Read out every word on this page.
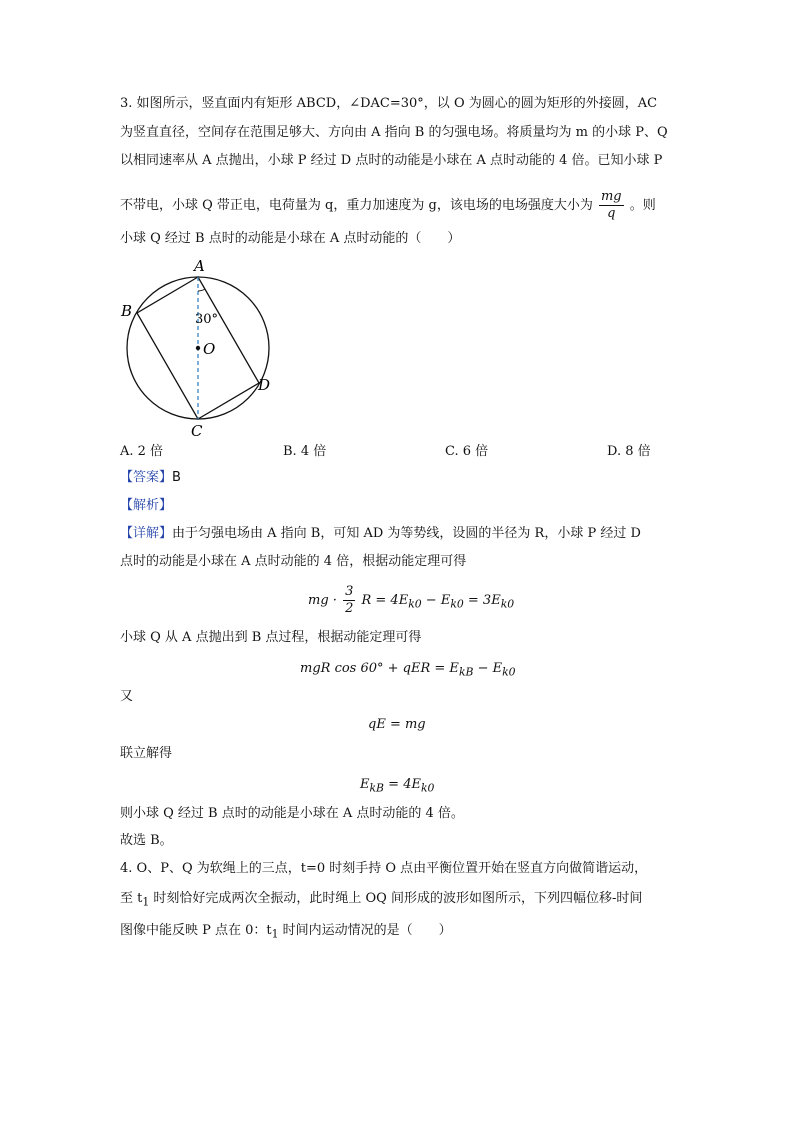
3. 如图所示，竖直面内有矩形 ABCD，∠DAC=30°，以 O 为圆心的圆为矩形的外接圆，AC
为竖直直径，空间存在范围足够大、方向由 A 指向 B 的匀强电场。将质量均为 m 的小球 P、Q
以相同速率从 A 点抛出，小球 P 经过 D 点时的动能是小球在 A 点时动能的 4 倍。已知小球 P
不带电，小球 Q 带正电，电荷量为 q，重力加速度为 g，该电场的电场强度大小为 $\frac{mg}{q}$ 。则
小球 Q 经过 B 点时的动能是小球在 A 点时动能的（　　）
A
B
C
D
O
30°
A. 2 倍	B. 4 倍	C. 6 倍	D. 8 倍
【答案】B
【解析】
【详解】由于匀强电场由 A 指向 B，可知 AD 为等势线，设圆的半径为 R，小球 P 经过 D
点时的动能是小球在 A 点时动能的 4 倍，根据动能定理可得
mg · $\frac{3}{2}$ $R = 4E_{k0} - E_{k0} = 3E_{k0}$
小球 Q 从 A 点抛出到 B 点过程，根据动能定理可得
mgR cos 60° + qER = $E_{kB} - E_{k0}$
又
qE = mg
联立解得
$E_{kB} = 4E_{k0}$
则小球 Q 经过 B 点时的动能是小球在 A 点时动能的 4 倍。
故选 B。
4. O、P、Q 为软绳上的三点，t=0 时刻手持 O 点由平衡位置开始在竖直方向做简谐运动，
至 $t_1$ 时刻恰好完成两次全振动，此时绳上 OQ 间形成的波形如图所示，下列四幅位移-时间
图像中能反映 P 点在 0：$t_1$ 时间内运动情况的是（　　）
